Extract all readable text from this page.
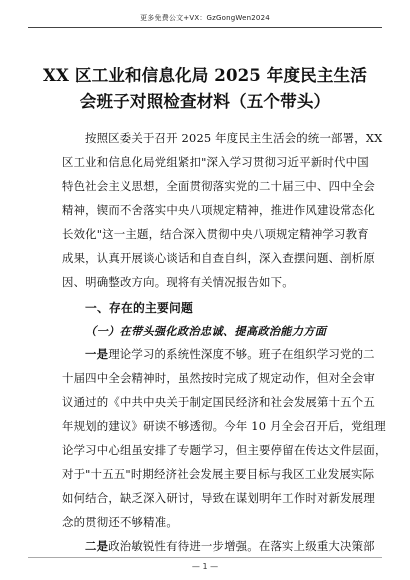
更多免费公文+VX：GzGongWen2024
XX 区工业和信息化局 2025 年度民主生活
会班子对照检查材料（五个带头）
按照区委关于召开 2025 年度民主生活会的统一部署，XX
区工业和信息化局党组紧扣"深入学习贯彻习近平新时代中国
特色社会主义思想，全面贯彻落实党的二十届三中、四中全会
精神，锲而不舍落实中央八项规定精神，推进作风建设常态化
长效化"这一主题，结合深入贯彻中央八项规定精神学习教育
成果，认真开展谈心谈话和自查自纠，深入查摆问题、剖析原
因、明确整改方向。现将有关情况报告如下。
一、存在的主要问题
（一）在带头强化政治忠诚、提高政治能力方面
一是理论学习的系统性深度不够。班子在组织学习党的二
十届四中全会精神时，虽然按时完成了规定动作，但对全会审
议通过的《中共中央关于制定国民经济和社会发展第十五个五
年规划的建议》研读不够透彻。今年 10 月全会召开后，党组理
论学习中心组虽安排了专题学习，但主要停留在传达文件层面，
对于"十五五"时期经济社会发展主要目标与我区工业发展实际
如何结合，缺乏深入研讨，导致在谋划明年工作时对新发展理
念的贯彻还不够精准。
二是政治敏锐性有待进一步增强。在落实上级重大决策部
— 1 —
